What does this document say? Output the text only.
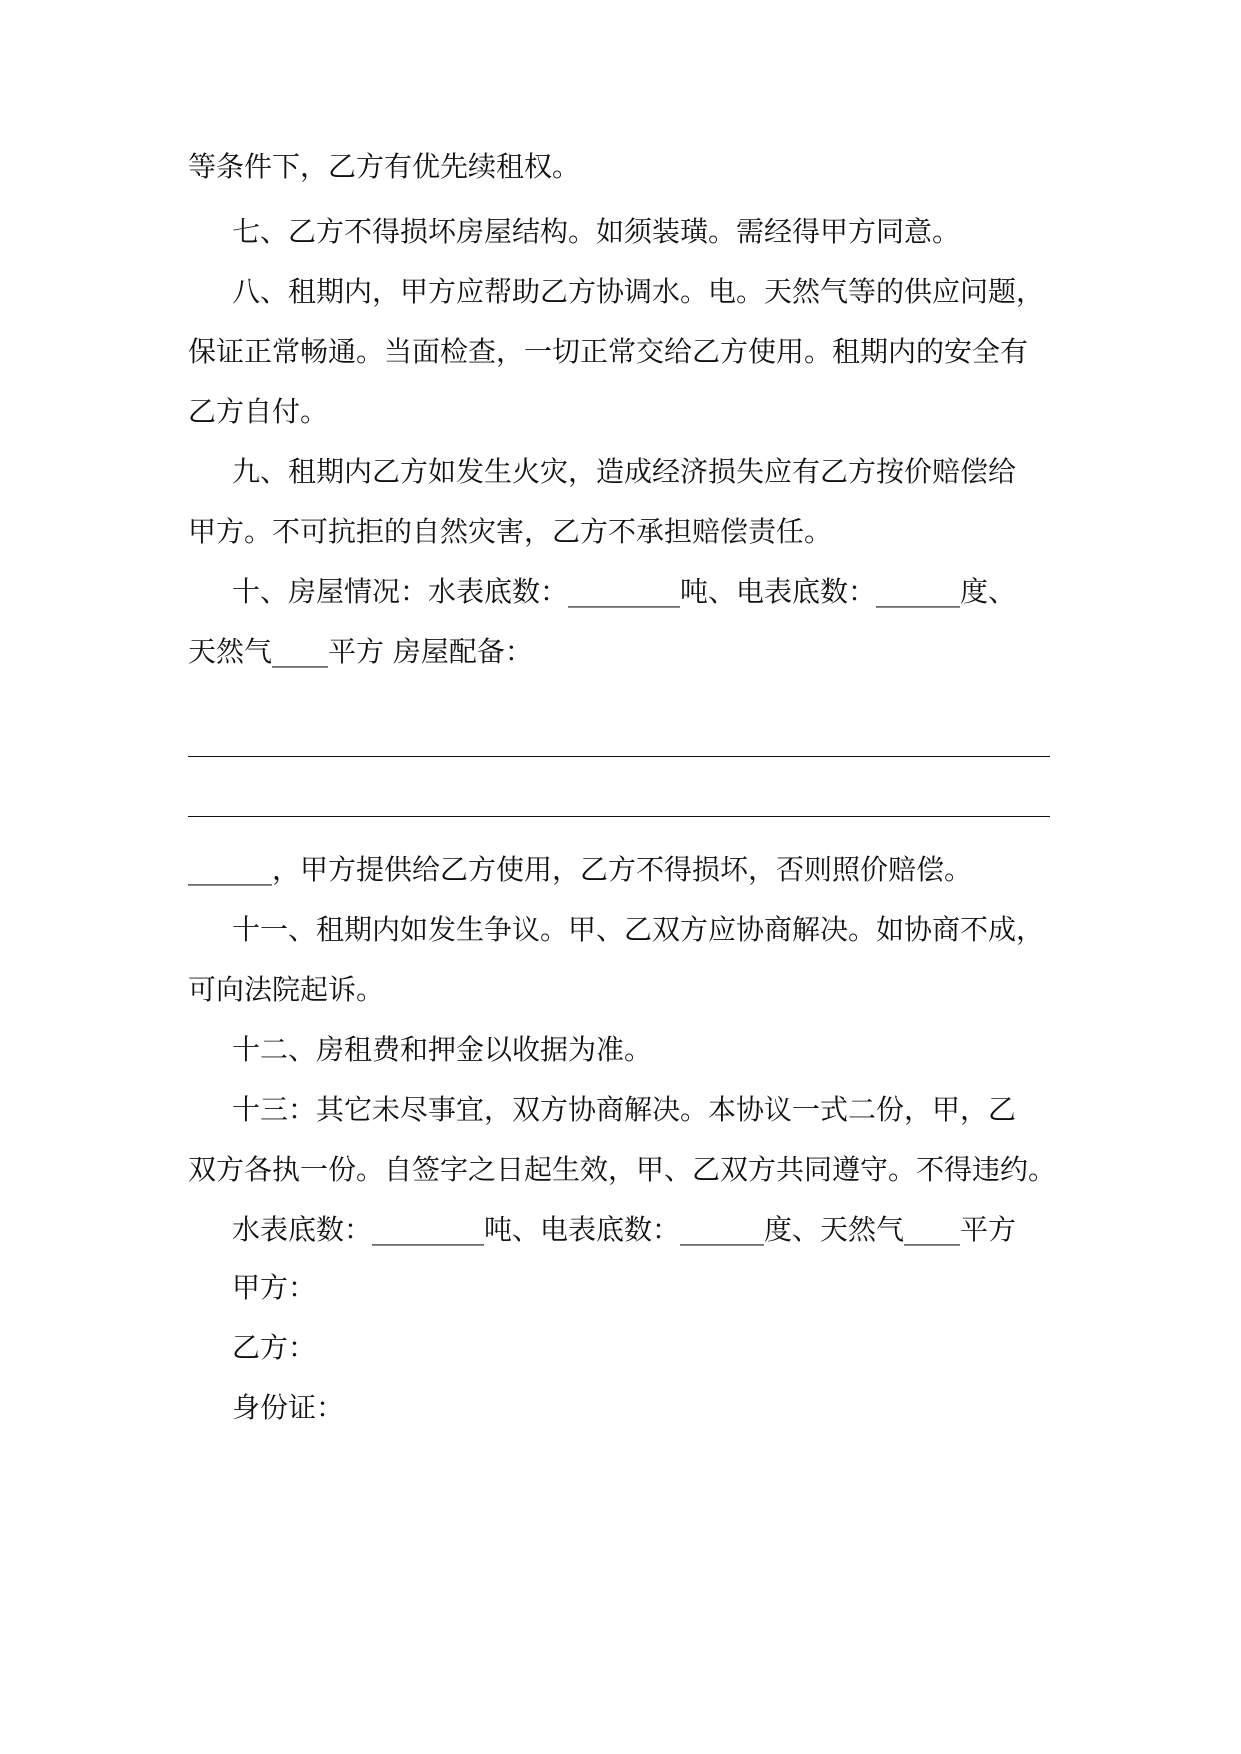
等条件下，乙方有优先续租权。
七、乙方不得损坏房屋结构。如须装璜。需经得甲方同意。
八、租期内，甲方应帮助乙方协调水。电。天然气等的供应问题，
保证正常畅通。当面检查，一切正常交给乙方使用。租期内的安全有
乙方自付。
九、租期内乙方如发生火灾，造成经济损失应有乙方按价赔偿给
甲方。不可抗拒的自然灾害，乙方不承担赔偿责任。
十、房屋情况：水表底数：________吨、电表底数：______度、
天然气____平方 房屋配备：
______，甲方提供给乙方使用，乙方不得损坏，否则照价赔偿。
十一、租期内如发生争议。甲、乙双方应协商解决。如协商不成，
可向法院起诉。
十二、房租费和押金以收据为准。
十三：其它未尽事宜，双方协商解决。本协议一式二份，甲，乙
双方各执一份。自签字之日起生效，甲、乙双方共同遵守。不得违约。
水表底数：________吨、电表底数：______度、天然气____平方
甲方：
乙方：
身份证：
